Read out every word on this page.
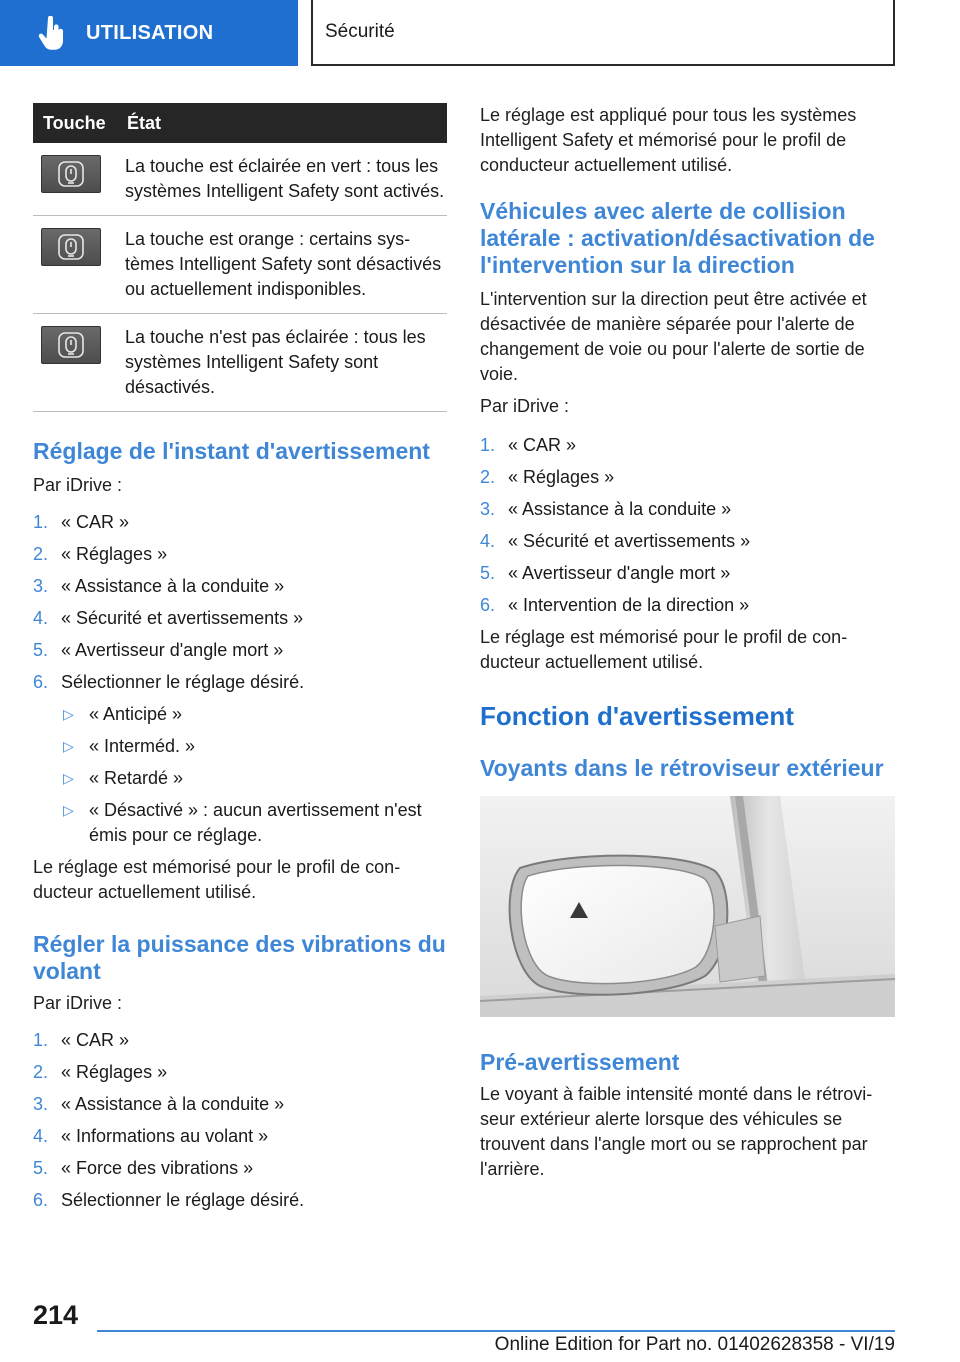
UTILISATION	Sécurité
Touche	État

	La touche est éclairée en vert : tous les systèmes Intelligent Safety sont activés.

	La touche est orange : certains systèmes Intelligent Safety sont désactivés ou actuellement indisponibles.

	La touche n'est pas éclairée : tous les systèmes Intelligent Safety sont désactivés.
Réglage de l'instant d'avertissement

Par iDrive :

1. « CAR »
2. « Réglages »
3. « Assistance à la conduite »
4. « Sécurité et avertissements »
5. « Avertisseur d'angle mort »
6. Sélectionner le réglage désiré.
▷ « Anticipé »
▷ « Interméd. »
▷ « Retardé »
▷ « Désactivé » : aucun avertissement n'est émis pour ce réglage.

Le réglage est mémorisé pour le profil de conducteur actuellement utilisé.

Régler la puissance des vibrations du volant

Par iDrive :

1. « CAR »
2. « Réglages »
3. « Assistance à la conduite »
4. « Informations au volant »
5. « Force des vibrations »
6. Sélectionner le réglage désiré.

Le réglage est appliqué pour tous les systèmes Intelligent Safety et mémorisé pour le profil de conducteur actuellement utilisé.

Véhicules avec alerte de collision latérale : activation/désactivation de l'intervention sur la direction

L'intervention sur la direction peut être activée et désactivée de manière séparée pour l'alerte de changement de voie ou pour l'alerte de sortie de voie.

Par iDrive :

1. « CAR »
2. « Réglages »
3. « Assistance à la conduite »
4. « Sécurité et avertissements »
5. « Avertisseur d'angle mort »
6. « Intervention de la direction »

Le réglage est mémorisé pour le profil de conducteur actuellement utilisé.

Fonction d'avertissement
Voyants dans le rétroviseur extérieur
Pré-avertissement

Le voyant à faible intensité monté dans le rétroviseur extérieur alerte lorsque des véhicules se trouvent dans l'angle mort ou se rapprochent par l'arrière.

214
Online Edition for Part no. 01402628358 - VI/19
